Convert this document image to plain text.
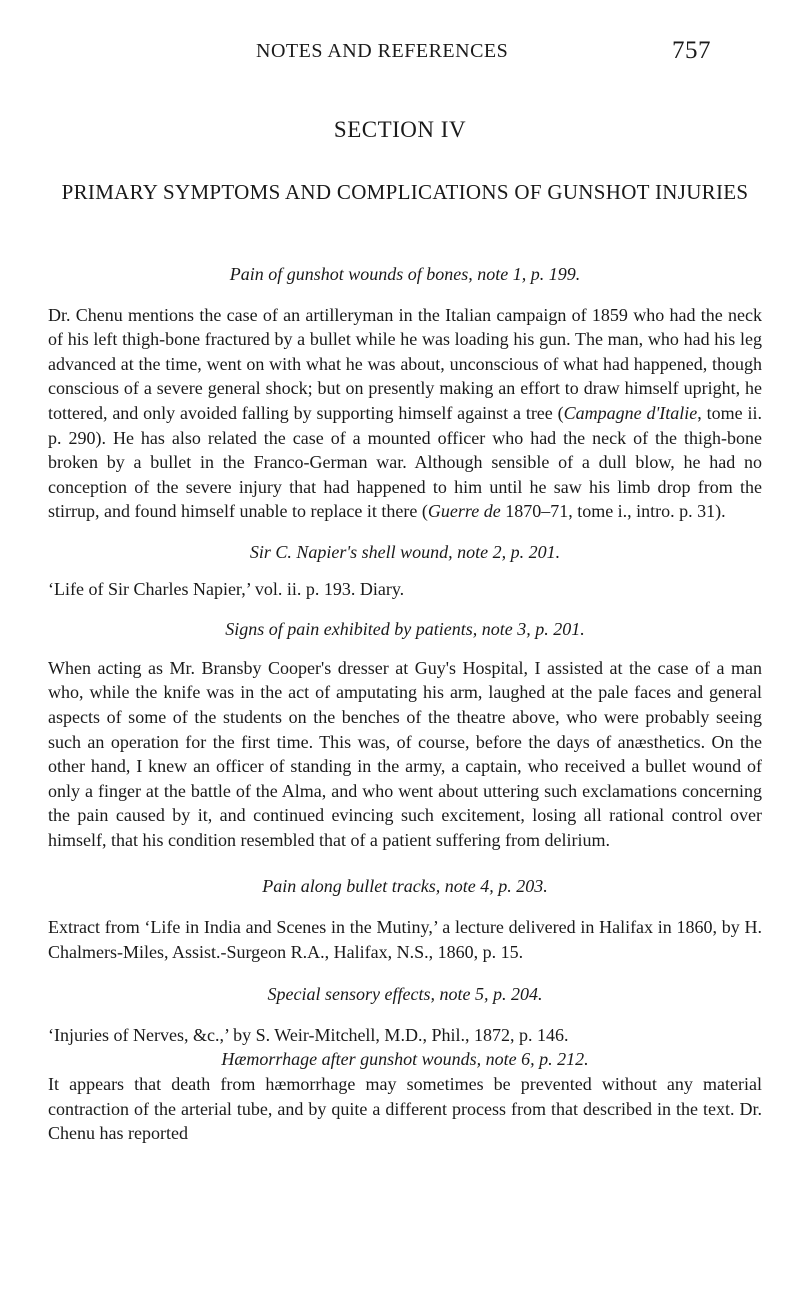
NOTES AND REFERENCES	757
SECTION IV
PRIMARY SYMPTOMS AND COMPLICATIONS OF GUNSHOT INJURIES

Pain of gunshot wounds of bones, note 1, p. 199.

Dr. Chenu mentions the case of an artilleryman in the Italian campaign of 1859 who had the neck of his left thigh-bone fractured by a bullet while he was loading his gun. The man, who had his leg advanced at the time, went on with what he was about, unconscious of what had happened, though conscious of a severe general shock; but on presently making an effort to draw himself upright, he tottered, and only avoided falling by supporting himself against a tree (Campagne d'Italie, tome ii. p. 290). He has also related the case of a mounted officer who had the neck of the thigh-bone broken by a bullet in the Franco-German war. Although sensible of a dull blow, he had no conception of the severe injury that had happened to him until he saw his limb drop from the stirrup, and found himself unable to replace it there (Guerre de 1870–71, tome i., intro. p. 31).

Sir C. Napier's shell wound, note 2, p. 201.

‘Life of Sir Charles Napier,’ vol. ii. p. 193. Diary.

Signs of pain exhibited by patients, note 3, p. 201.

When acting as Mr. Bransby Cooper's dresser at Guy's Hospital, I assisted at the case of a man who, while the knife was in the act of amputating his arm, laughed at the pale faces and general aspects of some of the students on the benches of the theatre above, who were probably seeing such an operation for the first time. This was, of course, before the days of anæsthetics. On the other hand, I knew an officer of standing in the army, a captain, who received a bullet wound of only a finger at the battle of the Alma, and who went about uttering such exclamations concerning the pain caused by it, and continued evincing such excitement, losing all rational control over himself, that his condition resembled that of a patient suffering from delirium.

Pain along bullet tracks, note 4, p. 203.

Extract from ‘Life in India and Scenes in the Mutiny,’ a lecture delivered in Halifax in 1860, by H. Chalmers-Miles, Assist.-Surgeon R.A., Halifax, N.S., 1860, p. 15.

Special sensory effects, note 5, p. 204.

‘Injuries of Nerves, &c.,’ by S. Weir-Mitchell, M.D., Phil., 1872, p. 146.

Hæmorrhage after gunshot wounds, note 6, p. 212.

It appears that death from hæmorrhage may sometimes be prevented without any material contraction of the arterial tube, and by quite a different process from that described in the text. Dr. Chenu has reported
